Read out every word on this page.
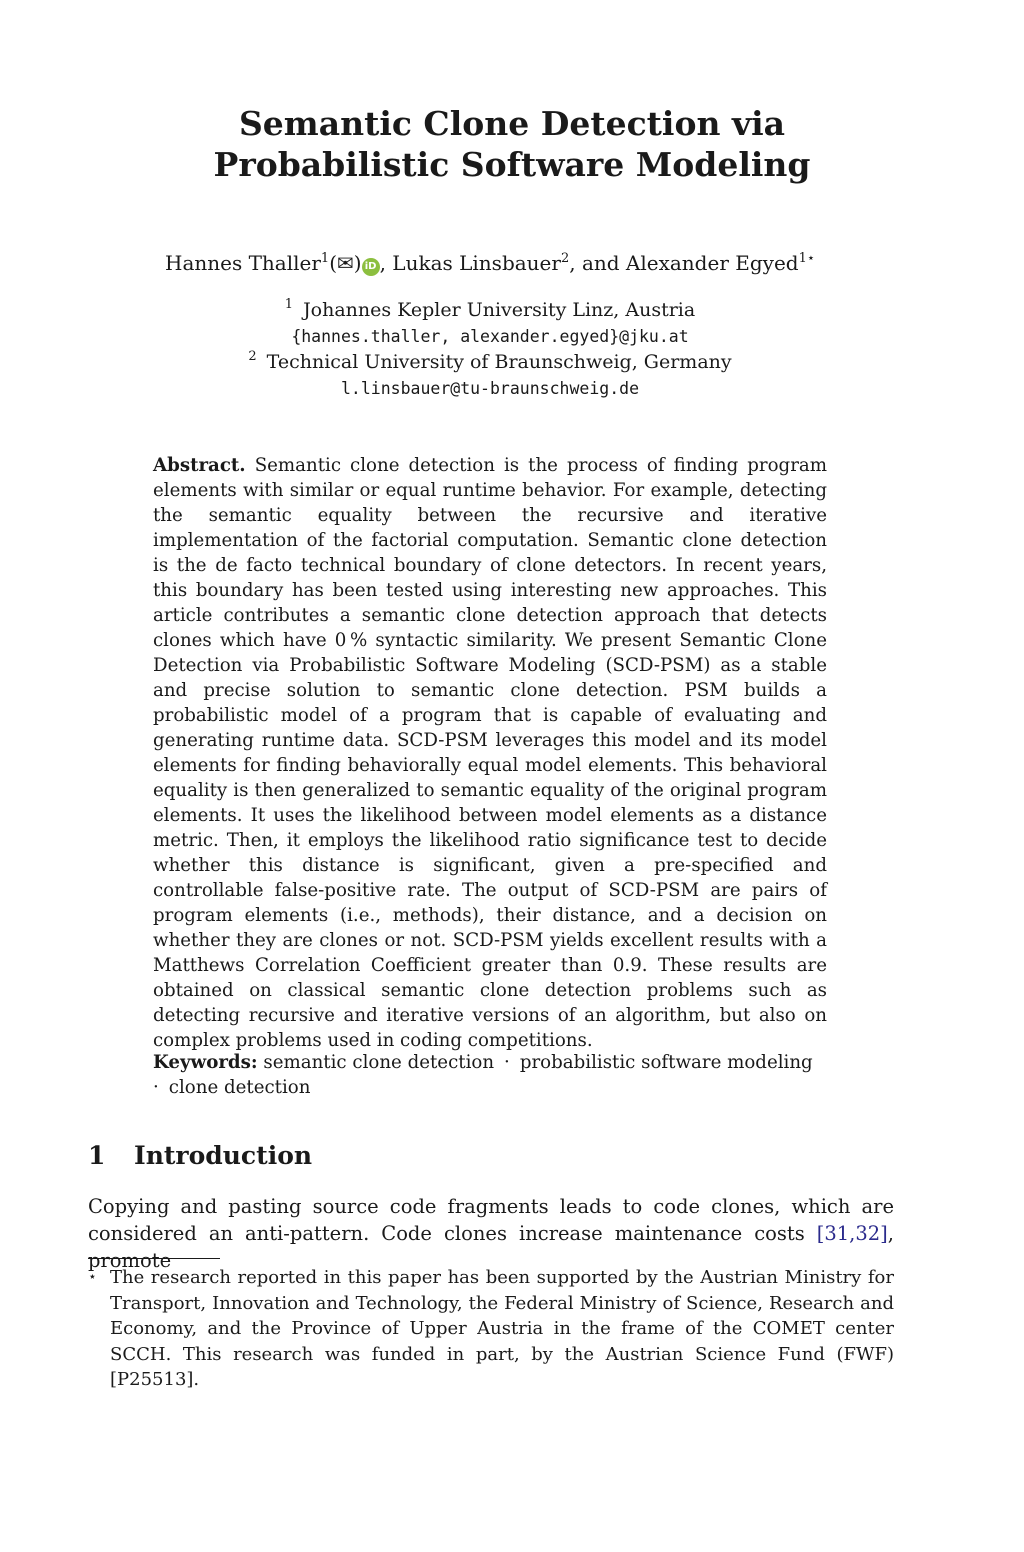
Semantic Clone Detection via
Probabilistic Software Modeling
Hannes Thaller$^1$(✉) iD , Lukas Linsbauer$^2$, and Alexander Egyed$^{1⋆}$
$^1$ Johannes Kepler University Linz, Austria
{hannes.thaller, alexander.egyed}@jku.at
$^2$ Technical University of Braunschweig, Germany
l.linsbauer@tu-braunschweig.de

Abstract. Semantic clone detection is the process of finding program elements with similar or equal runtime behavior. For example, detecting the semantic equality between the recursive and iterative implementation of the factorial computation. Semantic clone detection is the de facto technical boundary of clone detectors. In recent years, this boundary has been tested using interesting new approaches. This article contributes a semantic clone detection approach that detects clones which have 0 % syntactic similarity. We present Semantic Clone Detection via Probabilistic Software Modeling (SCD-PSM) as a stable and precise solution to semantic clone detection. PSM builds a probabilistic model of a program that is capable of evaluating and generating runtime data. SCD-PSM leverages this model and its model elements for finding behaviorally equal model elements. This behavioral equality is then generalized to semantic equality of the original program elements. It uses the likelihood between model elements as a distance metric. Then, it employs the likelihood ratio significance test to decide whether this distance is significant, given a pre-specified and controllable false-positive rate. The output of SCD-PSM are pairs of program elements (i.e., methods), their distance, and a decision on whether they are clones or not. SCD-PSM yields excellent results with a Matthews Correlation Coefficient greater than 0.9. These results are obtained on classical semantic clone detection problems such as detecting recursive and iterative versions of an algorithm, but also on complex problems used in coding competitions.

Keywords: semantic clone detection · probabilistic software modeling · clone detection

1 Introduction

Copying and pasting source code fragments leads to code clones, which are considered an anti-pattern. Code clones increase maintenance costs [31,32], promote

⋆ The research reported in this paper has been supported by the Austrian Ministry for Transport, Innovation and Technology, the Federal Ministry of Science, Research and Economy, and the Province of Upper Austria in the frame of the COMET center SCCH. This research was funded in part, by the Austrian Science Fund (FWF) [P25513].
